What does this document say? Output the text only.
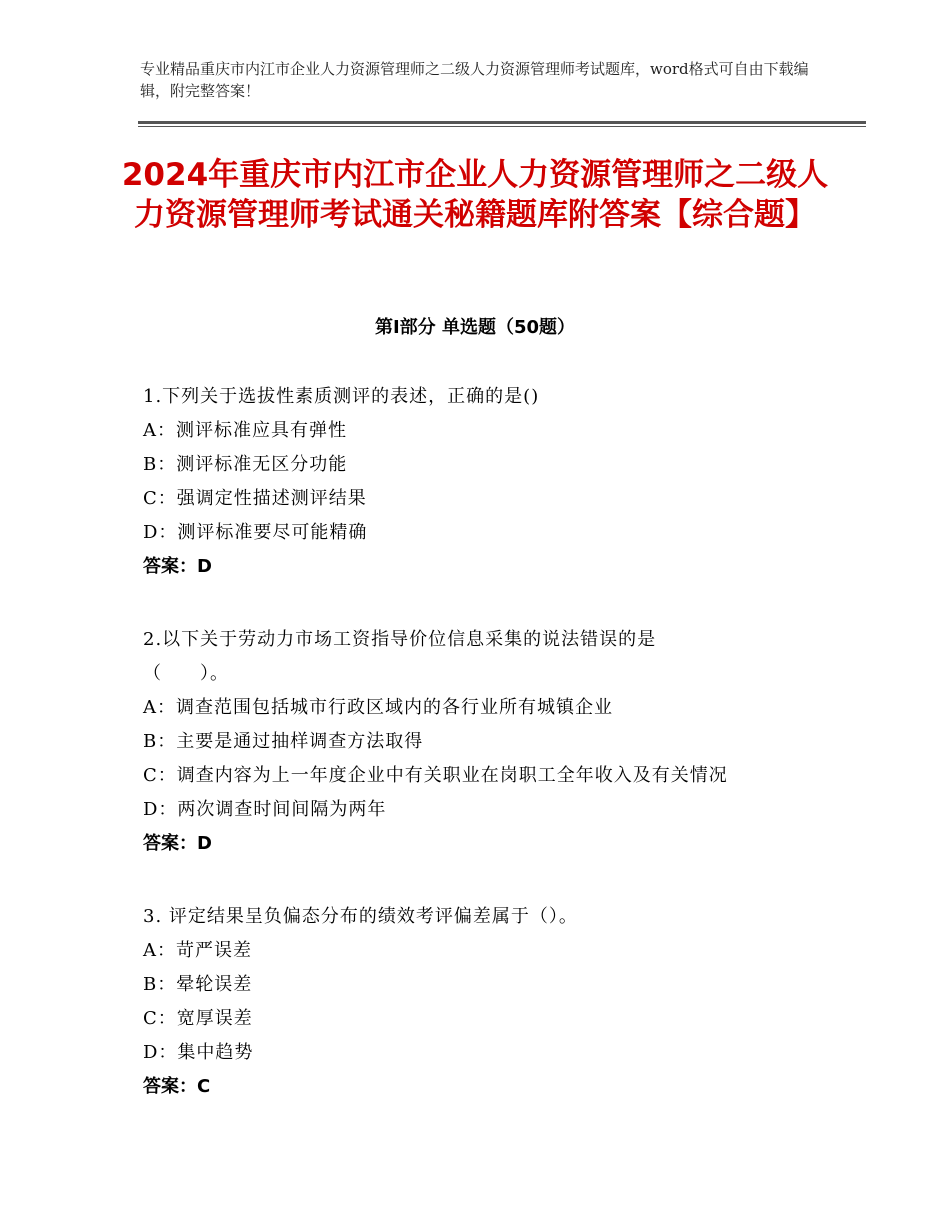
专业精品重庆市内江市企业人力资源管理师之二级人力资源管理师考试题库，word格式可自由下载编辑，附完整答案！
2024年重庆市内江市企业人力资源管理师之二级人力资源管理师考试通关秘籍题库附答案【综合题】
第Ⅰ部分 单选题（50题）
1.下列关于选拔性素质测评的表述，正确的是()
A：测评标准应具有弹性
B：测评标准无区分功能
C：强调定性描述测评结果
D：测评标准要尽可能精确
答案：D
2.以下关于劳动力市场工资指导价位信息采集的说法错误的是
（　　）。
A：调查范围包括城市行政区域内的各行业所有城镇企业
B：主要是通过抽样调查方法取得
C：调查内容为上一年度企业中有关职业在岗职工全年收入及有关情况
D：两次调查时间间隔为两年
答案：D
3. 评定结果呈负偏态分布的绩效考评偏差属于（）。
A：苛严误差
B：晕轮误差
C：宽厚误差
D：集中趋势
答案：C
